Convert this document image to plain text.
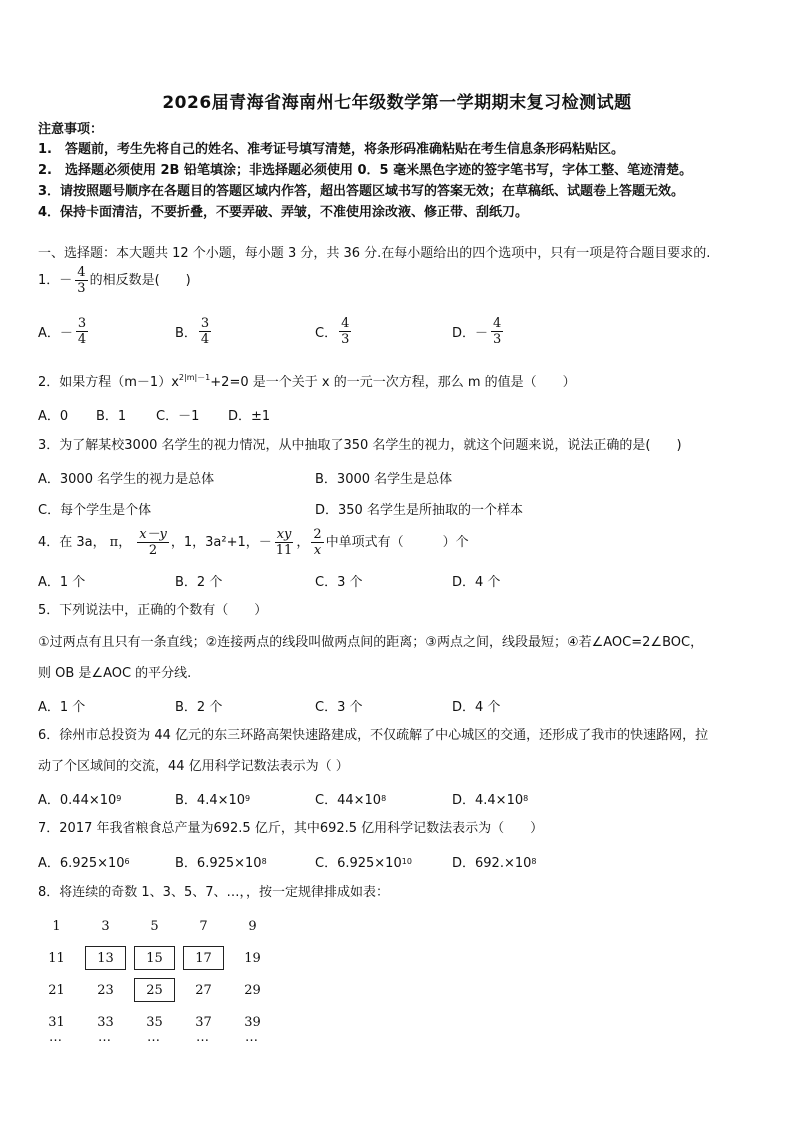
2026届青海省海南州七年级数学第一学期期末复习检测试题
注意事项：
1.　答题前，考生先将自己的姓名、准考证号填写清楚，将条形码准确粘贴在考生信息条形码粘贴区。
2.　选择题必须使用 2B 铅笔填涂；非选择题必须使用 0．5 毫米黑色字迹的签字笔书写，字体工整、笔迹清楚。
3．请按照题号顺序在各题目的答题区域内作答，超出答题区域书写的答案无效；在草稿纸、试题卷上答题无效。
4．保持卡面清洁，不要折叠，不要弄破、弄皱，不准使用涂改液、修正带、刮纸刀。
一、选择题：本大题共 12 个小题，每小题 3 分，共 36 分.在每小题给出的四个选项中，只有一项是符合题目要求的.
1． － $\frac{4}{3}$ 的相反数是(　　)
A． － $\frac{3}{4}$	B． $\frac{3}{4}$	C． $\frac{4}{3}$	D． － $\frac{4}{3}$
2．如果方程$(m-1)x^{2|m|-1}+2=0$ 是一个关于 x 的一元一次方程，那么 m 的值是（　　）
A．0 B．1 C．－1 D．±1
3．为了解某校3000 名学生的视力情况，从中抽取了350 名学生的视力，就这个问题来说，说法正确的是(　　)
A．3000 名学生的视力是总体	B．3000 名学生是总体
C．每个学生是个体	D．350 名学生是所抽取的一个样本
4．在 3a， π， $\frac{x-y}{2}$ ，1，3a²+1，－ $\frac{xy}{11}$ ， $\frac{2}{x}$ 中单项式有（　　　）个
A．1 个	B．2 个	C．3 个	D．4 个
5．下列说法中，正确的个数有（　　）
①过两点有且只有一条直线；②连接两点的线段叫做两点间的距离；③两点之间，线段最短；④若∠AOC=2∠BOC，
则 OB 是∠AOC 的平分线.
A．1 个	B．2 个	C．3 个	D．4 个
6．徐州市总投资为 44 亿元的东三环路高架快速路建成，不仅疏解了中心城区的交通，还形成了我市的快速路网，拉
动了个区域间的交流，44 亿用科学记数法表示为（ ）
A．0.44×10 9	B．4.4×10 9	C．44×10 8	D．4.4×10 8
7．2017 年我省粮食总产量为692.5 亿斤，其中692.5 亿用科学记数法表示为（　　）
A．6.925×10 6	B．6.925×10 8	C．6.925×10 10	D．692.×10 8
8．将连续的奇数 1、3、5、7、…，，按一定规律排成如表：
1	3	5	7	9
11	13	15	17	19
21	23	25	27	29
31	33	35	37	39
…	…	…	…	…
